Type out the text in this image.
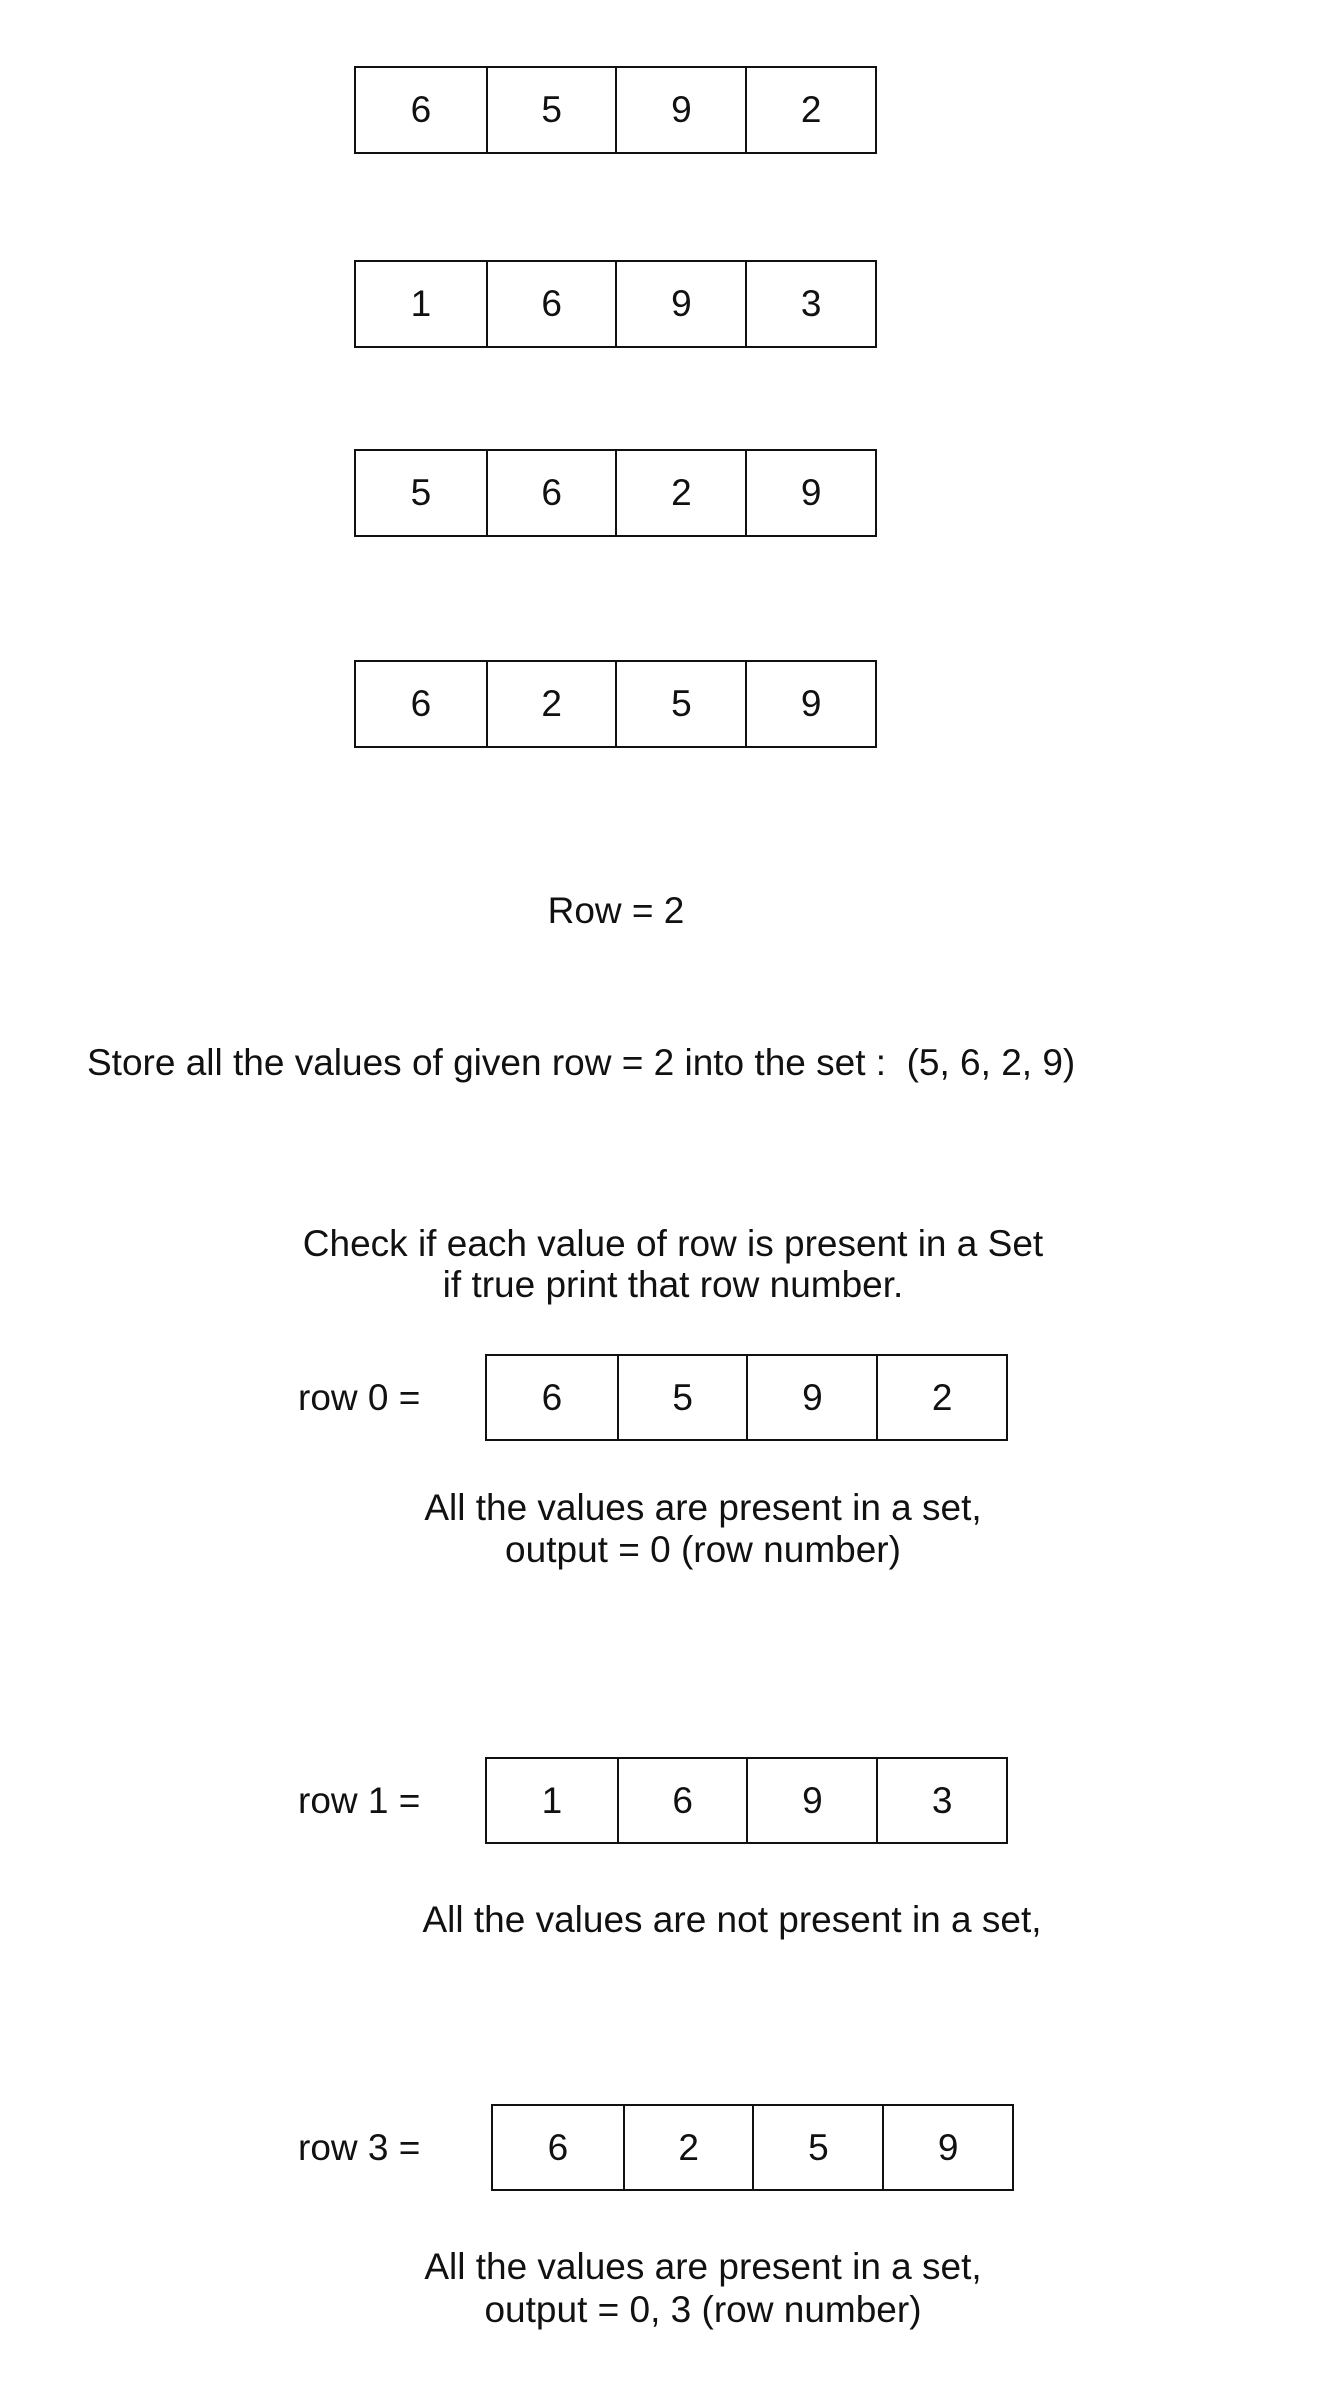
6	5	9	2
1	6	9	3
5	6	2	9
6	2	5	9
Row = 2
Store all the values of given row = 2 into the set :  (5, 6, 2, 9)
Check if each value of row is present in a Set
if true print that row number.
row 0 =	6	5	9	2
All the values are present in a set,
output = 0 (row number)
row 1 =	1	6	9	3
All the values are not present in a set,
row 3 =	6	2	5	9
All the values are present in a set,
output = 0, 3 (row number)
